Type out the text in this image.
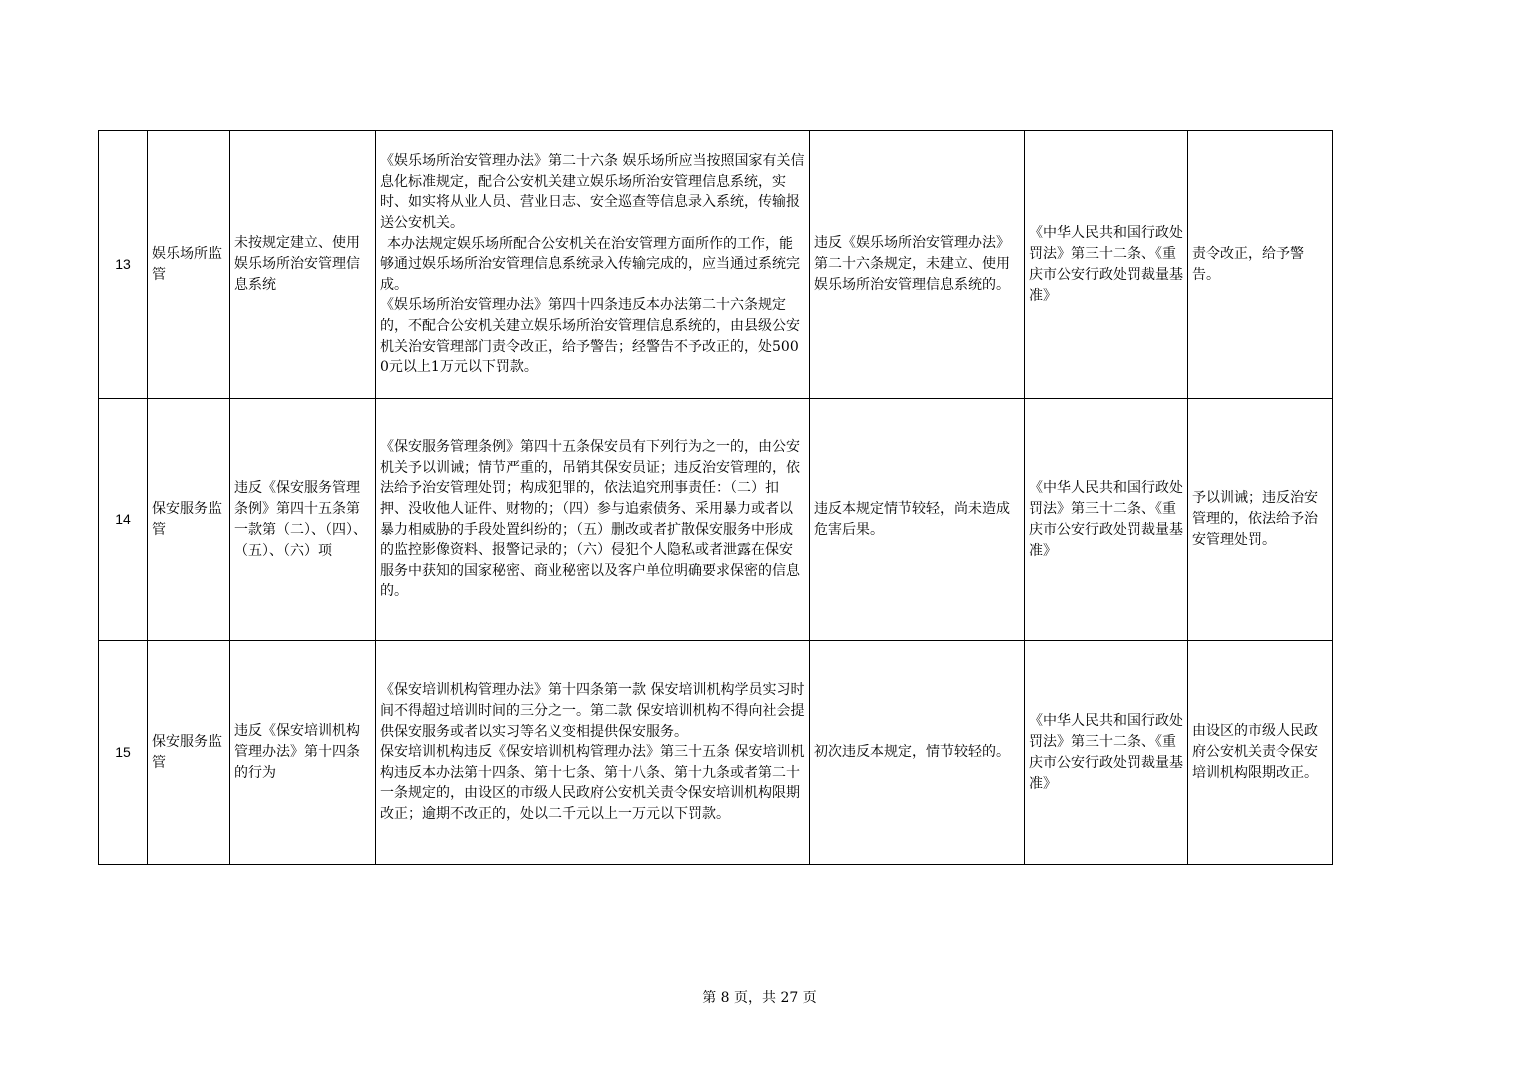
13	娱乐场所监管	未按规定建立、使用娱乐场所治安管理信息系统	《娱乐场所治安管理办法》第二十六条 娱乐场所应当按照国家有关信息化标准规定，配合公安机关建立娱乐场所治安管理信息系统，实时、如实将从业人员、营业日志、安全巡查等信息录入系统，传输报送公安机关。
本办法规定娱乐场所配合公安机关在治安管理方面所作的工作，能够通过娱乐场所治安管理信息系统录入传输完成的，应当通过系统完成。
《娱乐场所治安管理办法》第四十四条违反本办法第二十六条规定的，不配合公安机关建立娱乐场所治安管理信息系统的，由县级公安机关治安管理部门责令改正，给予警告；经警告不予改正的，处5000元以上1万元以下罚款。	违反《娱乐场所治安管理办法》第二十六条规定，未建立、使用娱乐场所治安管理信息系统的。	《中华人民共和国行政处罚法》第三十二条、《重庆市公安行政处罚裁量基准》	责令改正，给予警告。
14	保安服务监管	违反《保安服务管理条例》第四十五条第一款第（二）、（四）、（五）、（六）项	《保安服务管理条例》第四十五条保安员有下列行为之一的，由公安机关予以训诫；情节严重的，吊销其保安员证；违反治安管理的，依法给予治安管理处罚；构成犯罪的，依法追究刑事责任：（二）扣押、没收他人证件、财物的；（四）参与追索债务、采用暴力或者以暴力相威胁的手段处置纠纷的；（五）删改或者扩散保安服务中形成的监控影像资料、报警记录的；（六）侵犯个人隐私或者泄露在保安服务中获知的国家秘密、商业秘密以及客户单位明确要求保密的信息的。	违反本规定情节较轻，尚未造成危害后果。	《中华人民共和国行政处罚法》第三十二条、《重庆市公安行政处罚裁量基准》	予以训诫；违反治安管理的，依法给予治安管理处罚。
15	保安服务监管	违反《保安培训机构管理办法》第十四条的行为	《保安培训机构管理办法》第十四条第一款 保安培训机构学员实习时间不得超过培训时间的三分之一。第二款 保安培训机构不得向社会提供保安服务或者以实习等名义变相提供保安服务。
保安培训机构违反《保安培训机构管理办法》第三十五条 保安培训机构违反本办法第十四条、第十七条、第十八条、第十九条或者第二十一条规定的，由设区的市级人民政府公安机关责令保安培训机构限期改正；逾期不改正的，处以二千元以上一万元以下罚款。	初次违反本规定，情节较轻的。	《中华人民共和国行政处罚法》第三十二条、《重庆市公安行政处罚裁量基准》	由设区的市级人民政府公安机关责令保安培训机构限期改正。
第 8 页，共 27 页
